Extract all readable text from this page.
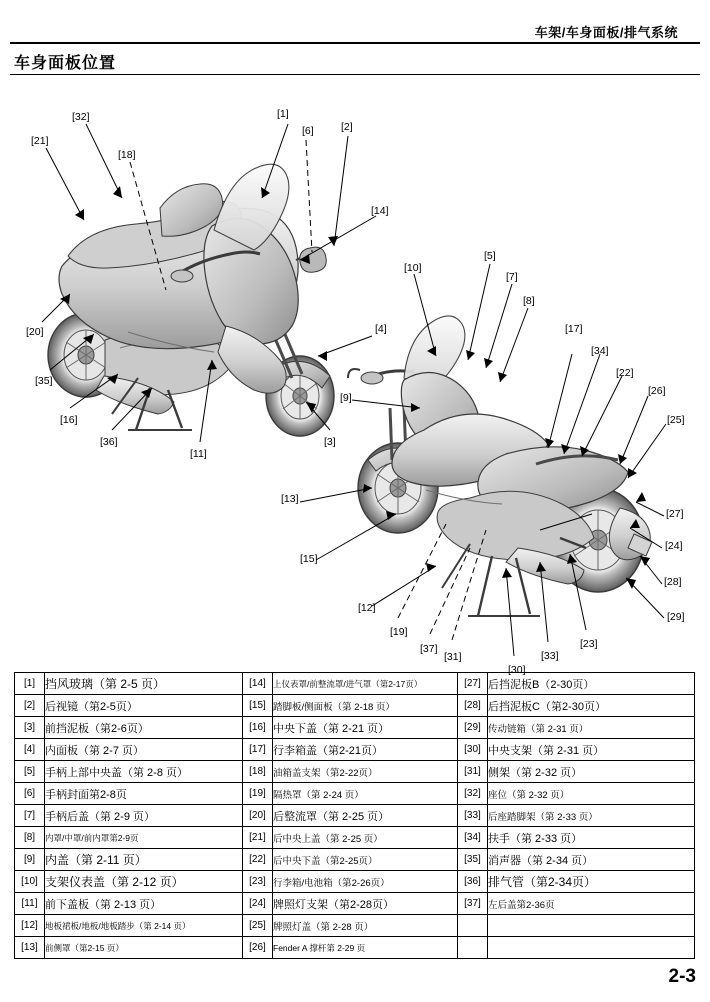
车架/车身面板/排气系统
车身面板位置
[1]
[2]
[3]
[4]
[5]
[6]
[7]
[8]
[9]
[10]
[11]
[12]
[13]
[14]
[15]
[16]
[17]
[18]
[19]
[20]
[21]
[22]
[23]
[24]
[25]
[26]
[27]
[28]
[29]
[30]
[31]
[32]
[33]
[34]
[35]
[36]
[37]
[1]	挡风玻璃（第 2-5 页）	[14]	上仪表罩/前整流罩/进气罩（第2-17页）	[27]	后挡泥板B（2-30页）
[2]	后视镜（第2-5页）	[15]	踏脚板/侧面板（第 2-18 页）	[28]	后挡泥板C（第2-30页）
[3]	前挡泥板（第2-6页）	[16]	中央下盖（第 2-21 页）	[29]	传动链箱（第 2-31 页）
[4]	内面板（第 2-7 页）	[17]	行李箱盖（第2-21页）	[30]	中央支架（第 2-31 页）
[5]	手柄上部中央盖（第 2-8 页）	[18]	油箱盖支架（第2-22页）	[31]	侧架（第 2-32 页）
[6]	手柄封面第2-8页	[19]	隔热罩（第 2-24 页）	[32]	座位（第 2-32 页）
[7]	手柄后盖（第 2-9 页）	[20]	后整流罩（第 2-25 页）	[33]	后座踏脚架（第 2-33 页）
[8]	内罩/中罩/前内罩第2-9页	[21]	后中央上盖（第 2-25 页）	[34]	扶手（第 2-33 页）
[9]	内盖（第 2-11 页）	[22]	后中央下盖（第2-25页）	[35]	消声器（第 2-34 页）
[10]	支架仪表盖（第 2-12 页）	[23]	行李箱/电池箱（第2-26页）	[36]	排气管（第2-34页）
[11]	前下盖板（第 2-13 页）	[24]	牌照灯支架（第2-28页）	[37]	左后盖第2-36页
[12]	地板裙板/地板/地板踏步（第 2-14 页）	[25]	牌照灯盖（第 2-28 页）		
[13]	前侧罩（第2-15 页）	[26]	Fender A 撑杆第 2-29 页		
2-3
